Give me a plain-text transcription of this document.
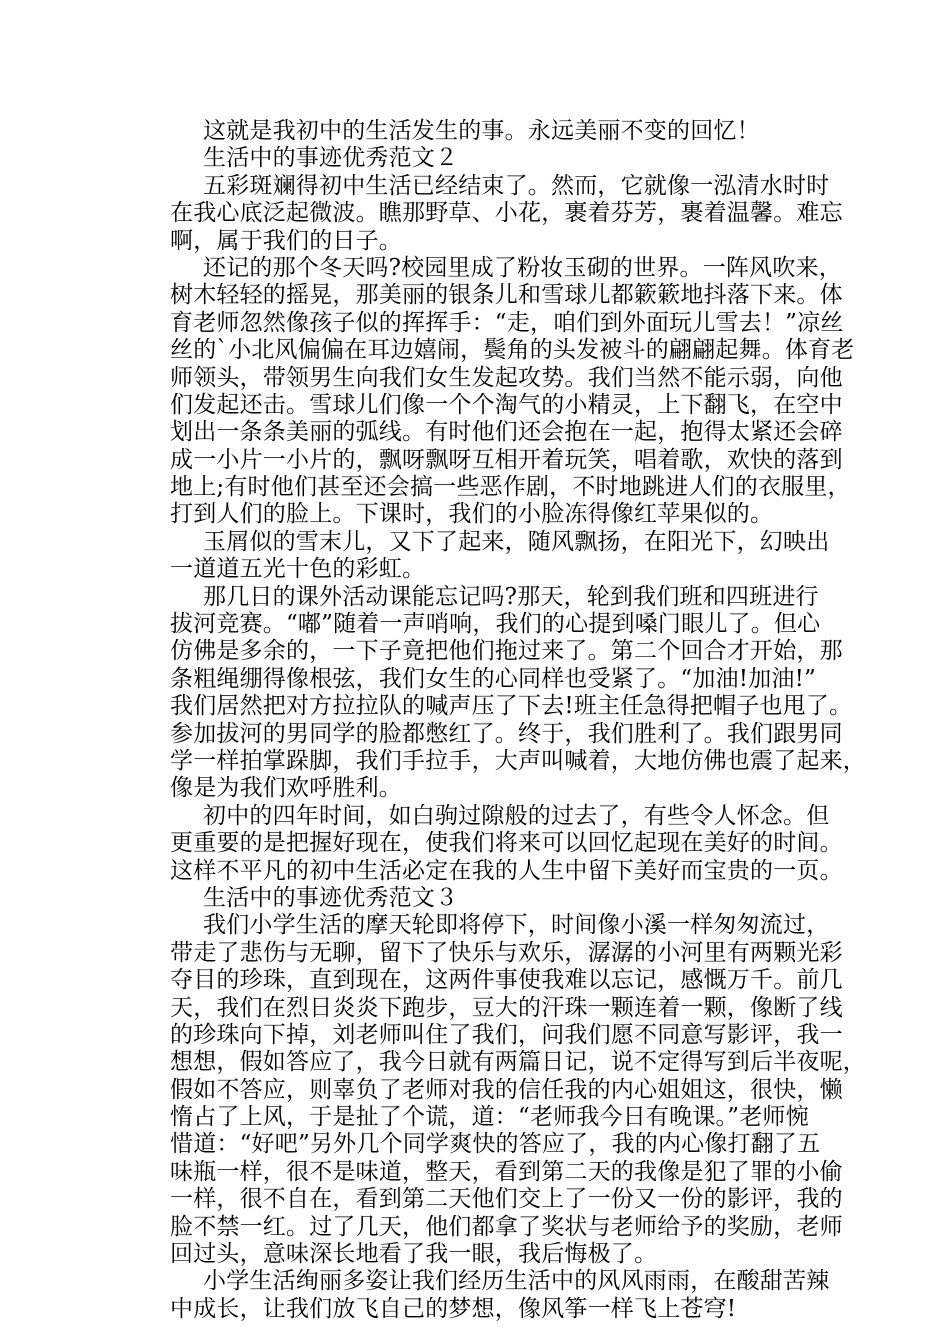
这就是我初中的生活发生的事。永远美丽不变的回忆！
生活中的事迹优秀范文２
五彩斑斓得初中生活已经结束了。然而，它就像一泓清水时时
在我心底泛起微波。瞧那野草、小花，裹着芬芳，裹着温馨。难忘
啊，属于我们的日子。
还记的那个冬天吗?校园里成了粉妆玉砌的世界。一阵风吹来，
树木轻轻的摇晃，那美丽的银条儿和雪球儿都簌簌地抖落下来。体
育老师忽然像孩子似的挥挥手：“走，咱们到外面玩儿雪去！”凉丝
丝的`小北风偏偏在耳边嬉闹，鬓角的头发被斗的翩翩起舞。体育老
师领头，带领男生向我们女生发起攻势。我们当然不能示弱，向他
们发起还击。雪球儿们像一个个淘气的小精灵，上下翻飞，在空中
划出一条条美丽的弧线。有时他们还会抱在一起，抱得太紧还会碎
成一小片一小片的，飘呀飘呀互相开着玩笑，唱着歌，欢快的落到
地上;有时他们甚至还会搞一些恶作剧，不时地跳进人们的衣服里，
打到人们的脸上。下课时，我们的小脸冻得像红苹果似的。
玉屑似的雪末儿，又下了起来，随风飘扬，在阳光下，幻映出
一道道五光十色的彩虹。
那几日的课外活动课能忘记吗?那天，轮到我们班和四班进行
拔河竞赛。“嘟”随着一声哨响，我们的心提到嗓门眼儿了。但心
仿佛是多余的，一下子竟把他们拖过来了。第二个回合才开始，那
条粗绳绷得像根弦，我们女生的心同样也受紧了。“加油!加油!”
我们居然把对方拉拉队的喊声压了下去!班主任急得把帽子也甩了。
参加拔河的男同学的脸都憋红了。终于，我们胜利了。我们跟男同
学一样拍掌跺脚，我们手拉手，大声叫喊着，大地仿佛也震了起来，
像是为我们欢呼胜利。
初中的四年时间，如白驹过隙般的过去了，有些令人怀念。但
更重要的是把握好现在，使我们将来可以回忆起现在美好的时间。
这样不平凡的初中生活必定在我的人生中留下美好而宝贵的一页。
生活中的事迹优秀范文３
我们小学生活的摩天轮即将停下，时间像小溪一样匆匆流过，
带走了悲伤与无聊，留下了快乐与欢乐，潺潺的小河里有两颗光彩
夺目的珍珠，直到现在，这两件事使我难以忘记，感慨万千。前几
天，我们在烈日炎炎下跑步，豆大的汗珠一颗连着一颗，像断了线
的珍珠向下掉，刘老师叫住了我们，问我们愿不同意写影评，我一
想想，假如答应了，我今日就有两篇日记，说不定得写到后半夜呢，
假如不答应，则辜负了老师对我的信任我的内心姐姐这，很快，懒
惰占了上风，于是扯了个谎，道：“老师我今日有晚课。”老师惋
惜道：“好吧”另外几个同学爽快的答应了，我的内心像打翻了五
味瓶一样，很不是味道，整天，看到第二天的我像是犯了罪的小偷
一样，很不自在，看到第二天他们交上了一份又一份的影评，我的
脸不禁一红。过了几天，他们都拿了奖状与老师给予的奖励，老师
回过头，意味深长地看了我一眼，我后悔极了。
小学生活绚丽多姿让我们经历生活中的风风雨雨，在酸甜苦辣
中成长，让我们放飞自己的梦想，像风筝一样飞上苍穹!
